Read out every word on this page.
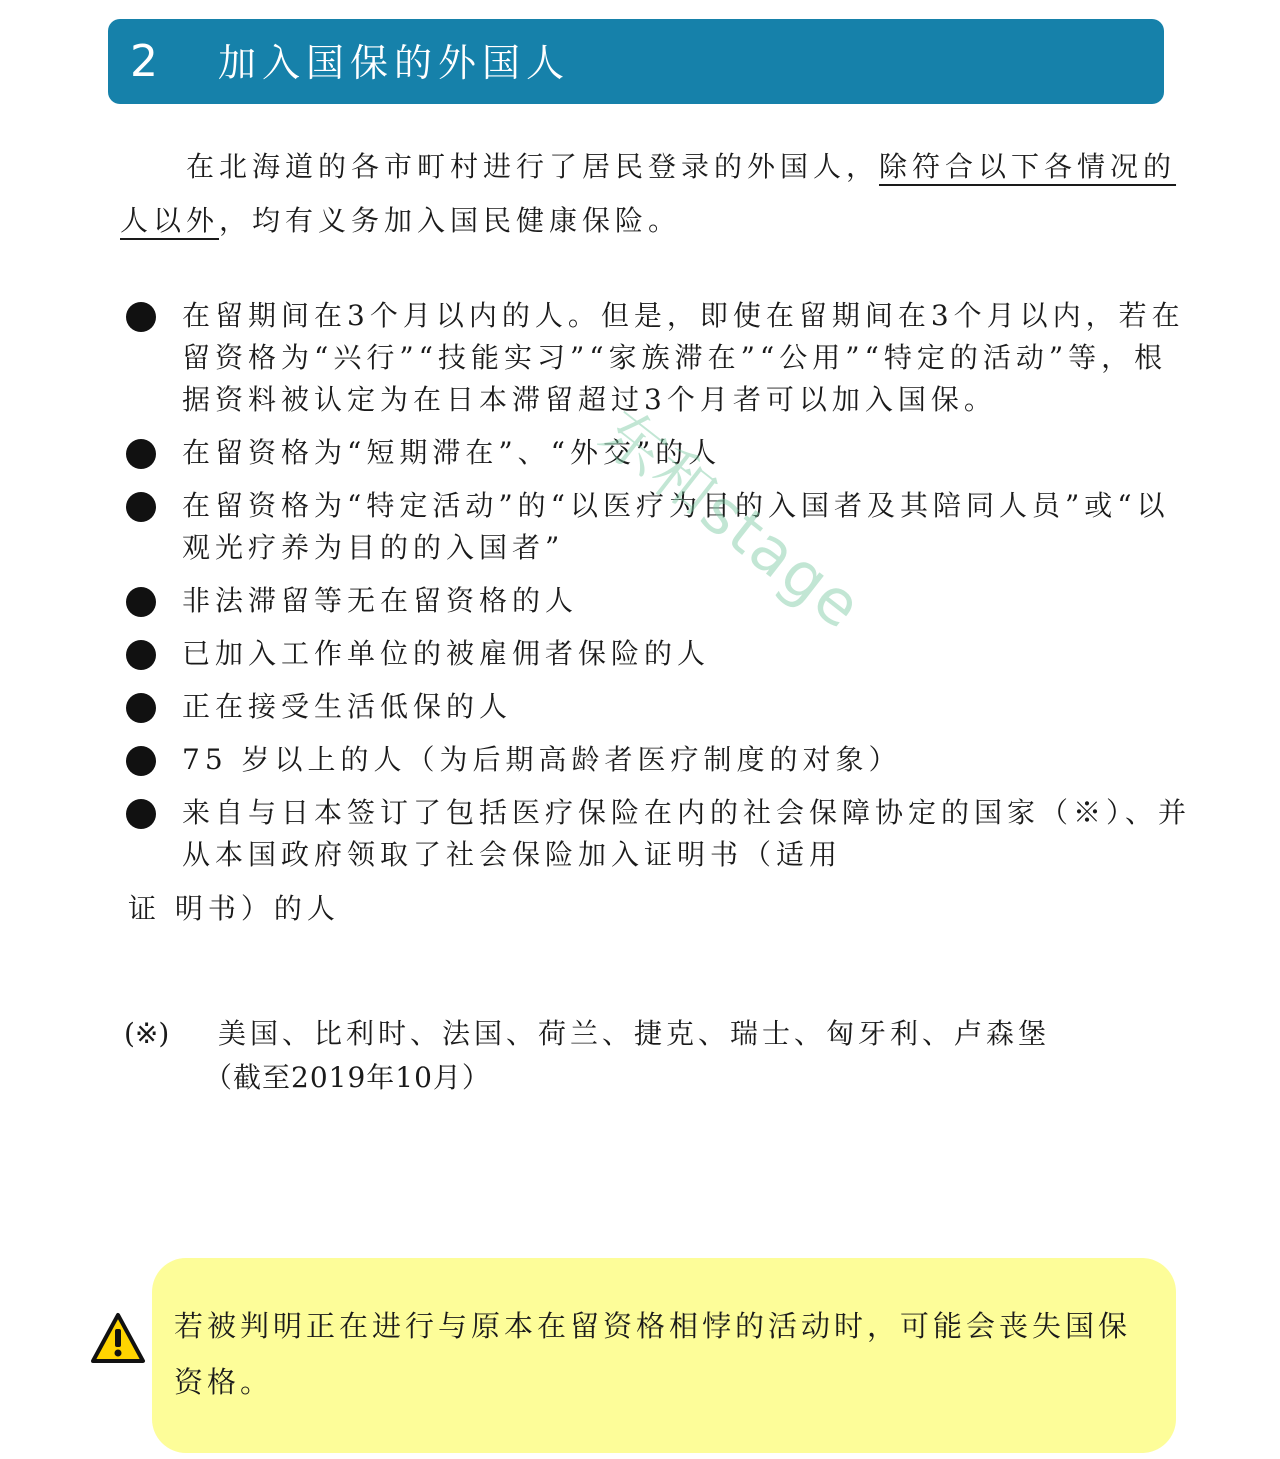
2 加入国保的外国人
在北海道的各市町村进行了居民登录的外国人，除符合以下各情况的人以外，均有义务加入国民健康保险。
在留期间在3个月以内的人。但是，即使在留期间在3个月以内，若在留资格为“兴行”“技能实习”“家族滞在”“公用”“特定的活动”等，根据资料被认定为在日本滞留超过3个月者可以加入国保。
在留资格为“短期滞在”、“外交”的人
在留资格为“特定活动”的“以医疗为目的入国者及其陪同人员”或“以观光疗养为目的的入国者”
非法滞留等无在留资格的人
已加入工作单位的被雇佣者保险的人
正在接受生活低保的人
75 岁以上的人（为后期高龄者医疗制度的对象）
来自与日本签订了包括医疗保险在内的社会保障协定的国家（※）、并从本国政府领取了社会保险加入证明书（适用
证 明书）的人
(※) 美国、比利时、法国、荷兰、捷克、瑞士、匈牙利、卢森堡
（截至2019年10月）
东和stage
若被判明正在进行与原本在留资格相悖的活动时，可能会丧失国保资格。
